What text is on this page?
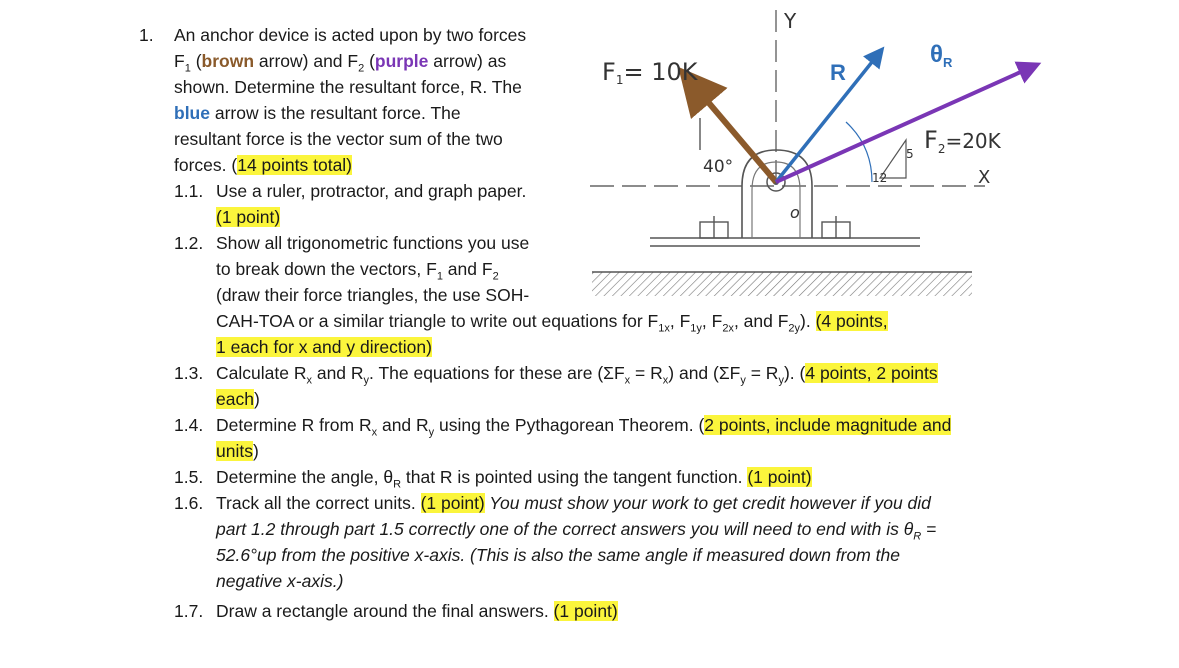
1. An anchor device is acted upon by two forces
$F_1$ (brown arrow) and $F_2$ (purple arrow) as
shown. Determine the resultant force, R. The
blue arrow is the resultant force. The
resultant force is the vector sum of the two
forces. (14 points total)
1.1. Use a ruler, protractor, and graph paper.
(1 point)
1.2. Show all trigonometric functions you use
to break down the vectors, $F_1$ and $F_2$
(draw their force triangles, the use SOH-
CAH-TOA or a similar triangle to write out equations for $F_{1x}$, $F_{1y}$, $F_{2x}$, and $F_{2y}$). (4 points,
1 each for x and y direction)
1.3. Calculate $R_x$ and $R_y$. The equations for these are $(\Sigma F_x = R_x)$ and $(\Sigma F_y = R_y)$. (4 points, 2 points
each)
1.4. Determine R from $R_x$ and $R_y$ using the Pythagorean Theorem. (2 points, include magnitude and
units)
1.5. Determine the angle, $\theta_R$ that R is pointed using the tangent function. (1 point)
1.6. Track all the correct units. (1 point) You must show your work to get credit however if you did
part 1.2 through part 1.5 correctly one of the correct answers you will need to end with is $\theta_R$ =
52.6°up from the positive x-axis. (This is also the same angle if measured down from the
negative x-axis.)
1.7. Draw a rectangle around the final answers. (1 point)
Y
X
o
40°
12
5
F1= 10K	R
$\theta_R$
$F_2^{=20K}$
